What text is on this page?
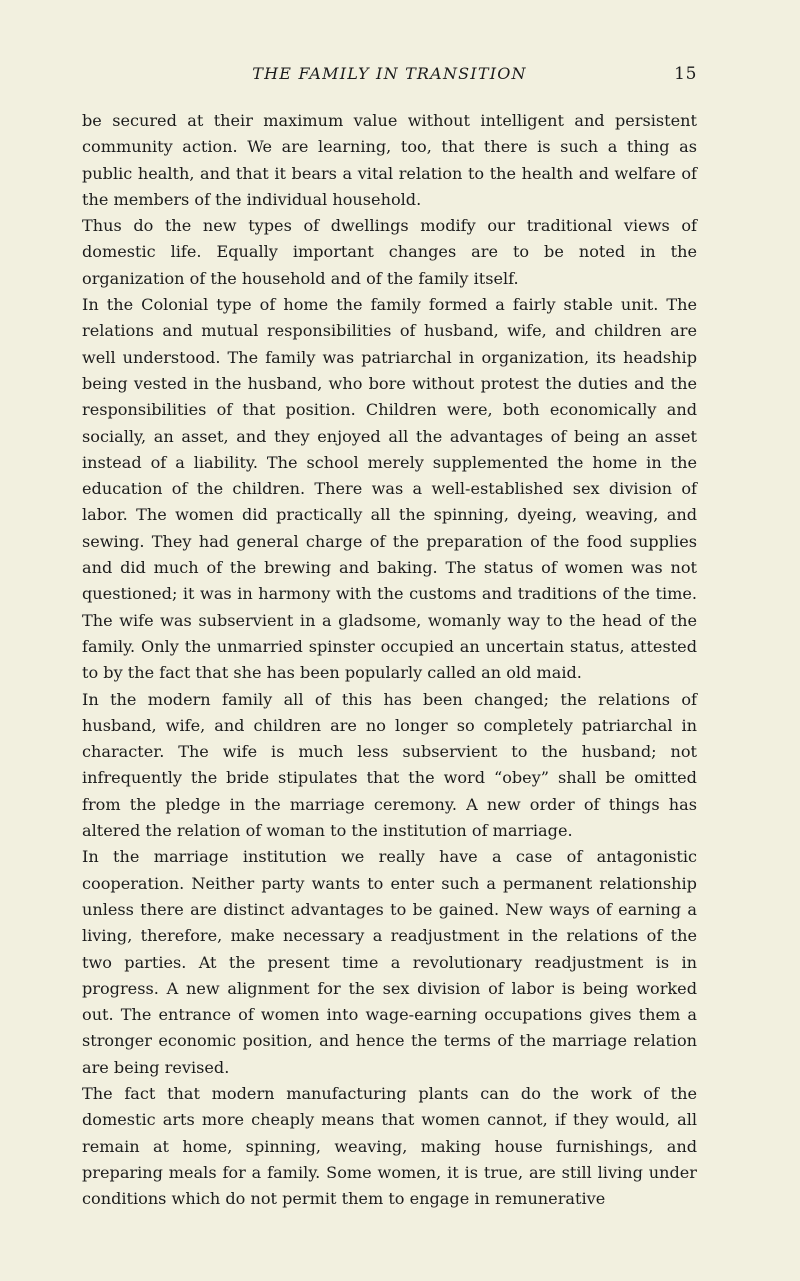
THE FAMILY IN TRANSITION	15

be secured at their maximum value without intelligent and persistent community action. We are learning, too, that there is such a thing as public health, and that it bears a vital relation to the health and welfare of the members of the individual household.

Thus do the new types of dwellings modify our traditional views of domestic life. Equally important changes are to be noted in the organization of the household and of the family itself.

In the Colonial type of home the family formed a fairly stable unit. The relations and mutual responsibilities of husband, wife, and children are well understood. The family was patriarchal in organization, its headship being vested in the husband, who bore without protest the duties and the responsibilities of that position. Children were, both economically and socially, an asset, and they enjoyed all the advantages of being an asset instead of a liability. The school merely supplemented the home in the education of the children. There was a well-established sex division of labor. The women did practically all the spinning, dyeing, weaving, and sewing. They had general charge of the preparation of the food supplies and did much of the brewing and baking. The status of women was not questioned; it was in harmony with the customs and traditions of the time. The wife was subservient in a gladsome, womanly way to the head of the family. Only the unmarried spinster occupied an uncertain status, attested to by the fact that she has been popularly called an old maid.

In the modern family all of this has been changed; the relations of husband, wife, and children are no longer so completely patriarchal in character. The wife is much less subservient to the husband; not infrequently the bride stipulates that the word “obey” shall be omitted from the pledge in the marriage ceremony. A new order of things has altered the relation of woman to the institution of marriage.

In the marriage institution we really have a case of antagonistic cooperation. Neither party wants to enter such a permanent relationship unless there are distinct advantages to be gained. New ways of earning a living, therefore, make necessary a readjustment in the relations of the two parties. At the present time a revolutionary readjustment is in progress. A new alignment for the sex division of labor is being worked out. The entrance of women into wage-earning occupations gives them a stronger economic position, and hence the terms of the marriage relation are being revised.

The fact that modern manufacturing plants can do the work of the domestic arts more cheaply means that women cannot, if they would, all remain at home, spinning, weaving, making house furnishings, and preparing meals for a family. Some women, it is true, are still living under conditions which do not permit them to engage in remunerative
